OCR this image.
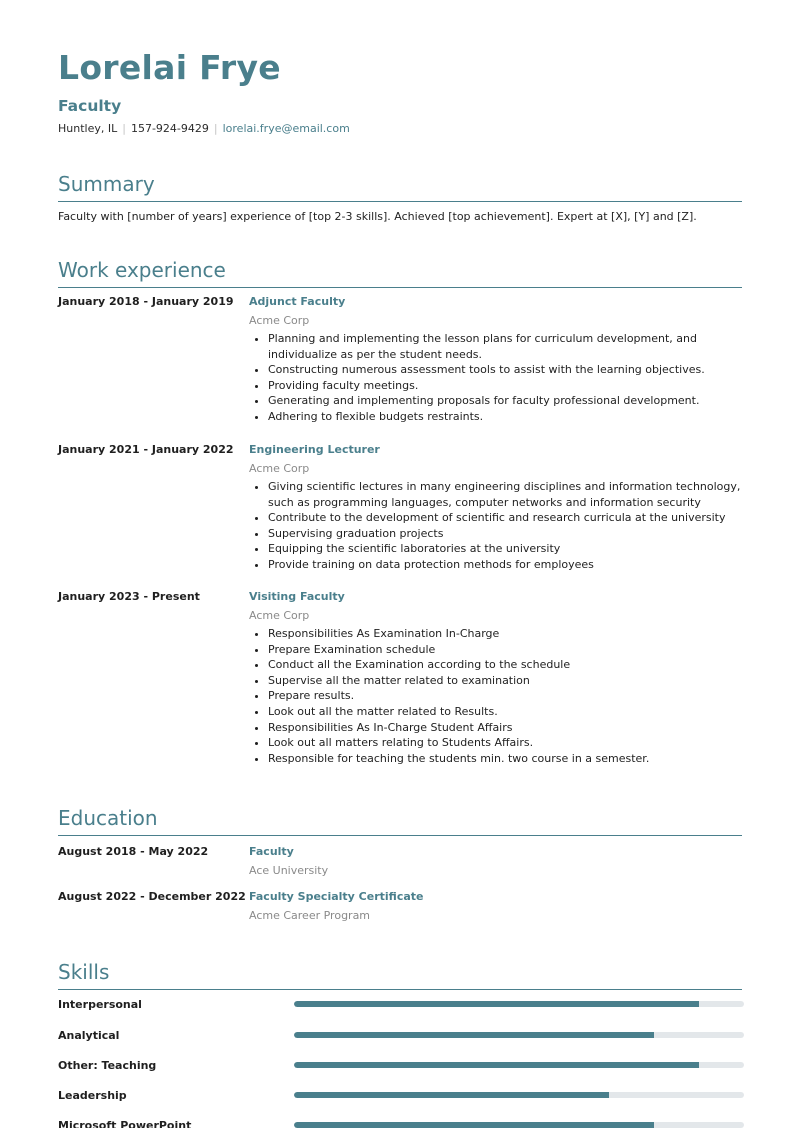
Lorelai Frye
Faculty
Huntley, IL | 157-924-9429 | lorelai.frye@email.com
Summary

Faculty with [number of years] experience of [top 2-3 skills]. Achieved [top achievement]. Expert at [X], [Y] and [Z].

Work experience
January 2018 - January 2019 Adjunct Faculty
Acme Corp
• Planning and implementing the lesson plans for curriculum development, and individualize as per the student needs.
• Constructing numerous assessment tools to assist with the learning objectives.
• Providing faculty meetings.
• Generating and implementing proposals for faculty professional development.
• Adhering to flexible budgets restraints.
January 2021 - January 2022 Engineering Lecturer
Acme Corp
• Giving scientific lectures in many engineering disciplines and information technology, such as programming languages, computer networks and information security
• Contribute to the development of scientific and research curricula at the university
• Supervising graduation projects
• Equipping the scientific laboratories at the university
• Provide training on data protection methods for employees
January 2023 - Present	Visiting Faculty
Acme Corp
• Responsibilities As Examination In-Charge
• Prepare Examination schedule
• Conduct all the Examination according to the schedule
• Supervise all the matter related to examination
• Prepare results.
• Look out all the matter related to Results.
• Responsibilities As In-Charge Student Affairs
• Look out all matters relating to Students Affairs.
• Responsible for teaching the students min. two course in a semester.
Education
August 2018 - May 2022	Faculty
Ace University
August 2022 - December 2022 Faculty Specialty Certificate
Acme Career Program
Skills
Interpersonal
Analytical
Other: Teaching
Leadership
Microsoft PowerPoint
